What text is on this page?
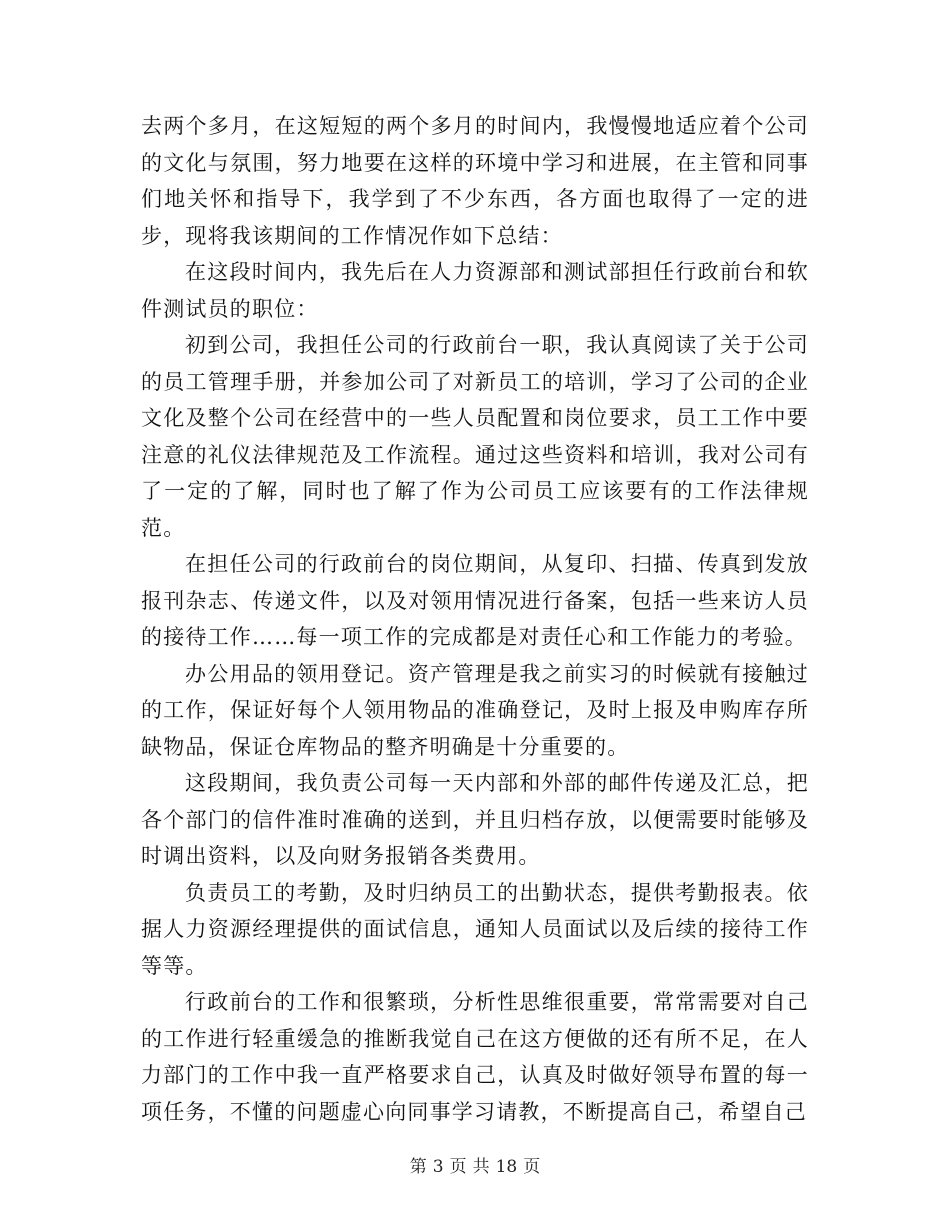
去两个多月，在这短短的两个多月的时间内，我慢慢地适应着个公司的文化与氛围，努力地要在这样的环境中学习和进展，在主管和同事们地关怀和指导下，我学到了不少东西，各方面也取得了一定的进步，现将我该期间的工作情况作如下总结：

在这段时间内，我先后在人力资源部和测试部担任行政前台和软件测试员的职位：

初到公司，我担任公司的行政前台一职，我认真阅读了关于公司的员工管理手册，并参加公司了对新员工的培训，学习了公司的企业文化及整个公司在经营中的一些人员配置和岗位要求，员工工作中要注意的礼仪法律规范及工作流程。通过这些资料和培训，我对公司有了一定的了解，同时也了解了作为公司员工应该要有的工作法律规范。

在担任公司的行政前台的岗位期间，从复印、扫描、传真到发放报刊杂志、传递文件，以及对领用情况进行备案，包括一些来访人员的接待工作……每一项工作的完成都是对责任心和工作能力的考验。

办公用品的领用登记。资产管理是我之前实习的时候就有接触过的工作，保证好每个人领用物品的准确登记，及时上报及申购库存所缺物品，保证仓库物品的整齐明确是十分重要的。

这段期间，我负责公司每一天内部和外部的邮件传递及汇总，把各个部门的信件准时准确的送到，并且归档存放，以便需要时能够及时调出资料，以及向财务报销各类费用。

负责员工的考勤，及时归纳员工的出勤状态，提供考勤报表。依据人力资源经理提供的面试信息，通知人员面试以及后续的接待工作等等。

行政前台的工作和很繁琐，分析性思维很重要，常常需要对自己的工作进行轻重缓急的推断我觉自己在这方便做的还有所不足，在人力部门的工作中我一直严格要求自己，认真及时做好领导布置的每一项任务，不懂的问题虚心向同事学习请教，不断提高自己，希望自己

第 3 页 共 18 页
